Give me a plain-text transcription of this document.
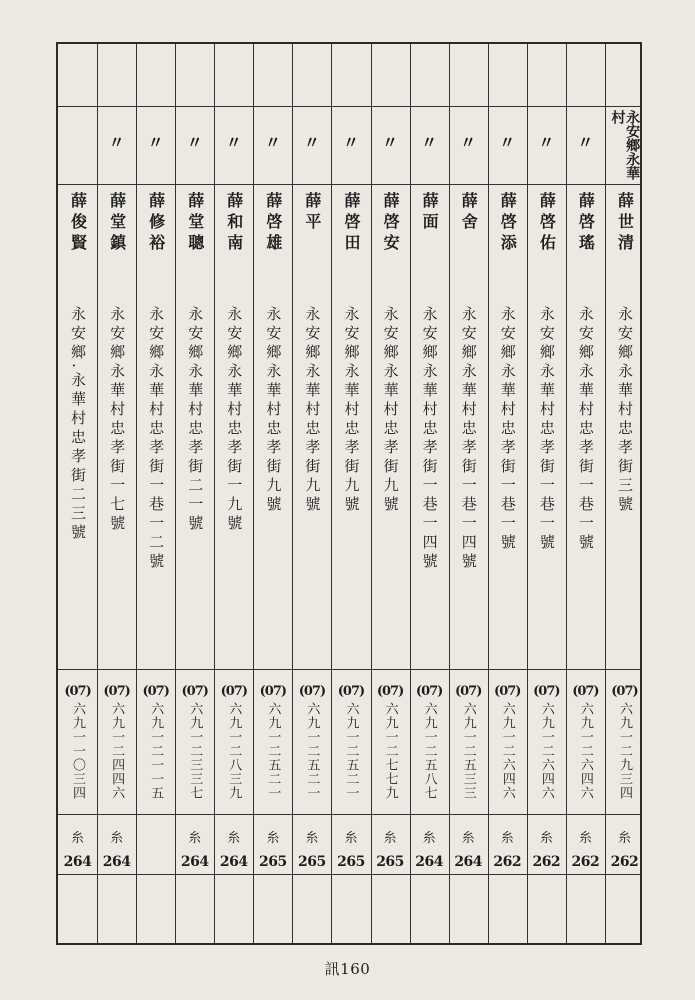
永安鄉永華村
薛世清
永安鄉永華村忠孝街三號
(07)
六九一二九三四
糸
262
〃
薛啓瑤
永安鄉永華村忠孝街一巷一號
(07)
六九一二六四六
糸
262
〃
薛啓佑
永安鄉永華村忠孝街一巷一號
(07)
六九一二六四六
糸
262
〃
薛啓添
永安鄉永華村忠孝街一巷一號
(07)
六九一二六四六
糸
262
〃
薛舍
永安鄉永華村忠孝街一巷一四號
(07)
六九一二五三三
糸
264
〃
薛面
永安鄉永華村忠孝街一巷一四號
(07)
六九一二五八七
糸
264
〃
薛啓安
永安鄉永華村忠孝街九號
(07)
六九一二七七九
糸
265
〃
薛啓田
永安鄉永華村忠孝街九號
(07)
六九一二五二一
糸
265
〃
薛平
永安鄉永華村忠孝街九號
(07)
六九一二五二一
糸
265
〃
薛啓雄
永安鄉永華村忠孝街九號
(07)
六九一二五二一
糸
265
〃
薛和南
永安鄉永華村忠孝街一九號
(07)
六九一二八三九
糸
264
〃
薛堂聰
永安鄉永華村忠孝街二一號
(07)
六九一二三三七
糸
264
〃
薛修裕
永安鄉永華村忠孝街一巷一二號
(07)
六九一二一一五
〃
薛堂鎮
永安鄉永華村忠孝街一七號
(07)
六九一二四四六
糸
264
薛俊賢
永安鄉.永華村忠孝街二三號
(07)
六九一一〇三四
糸
264
訊160
